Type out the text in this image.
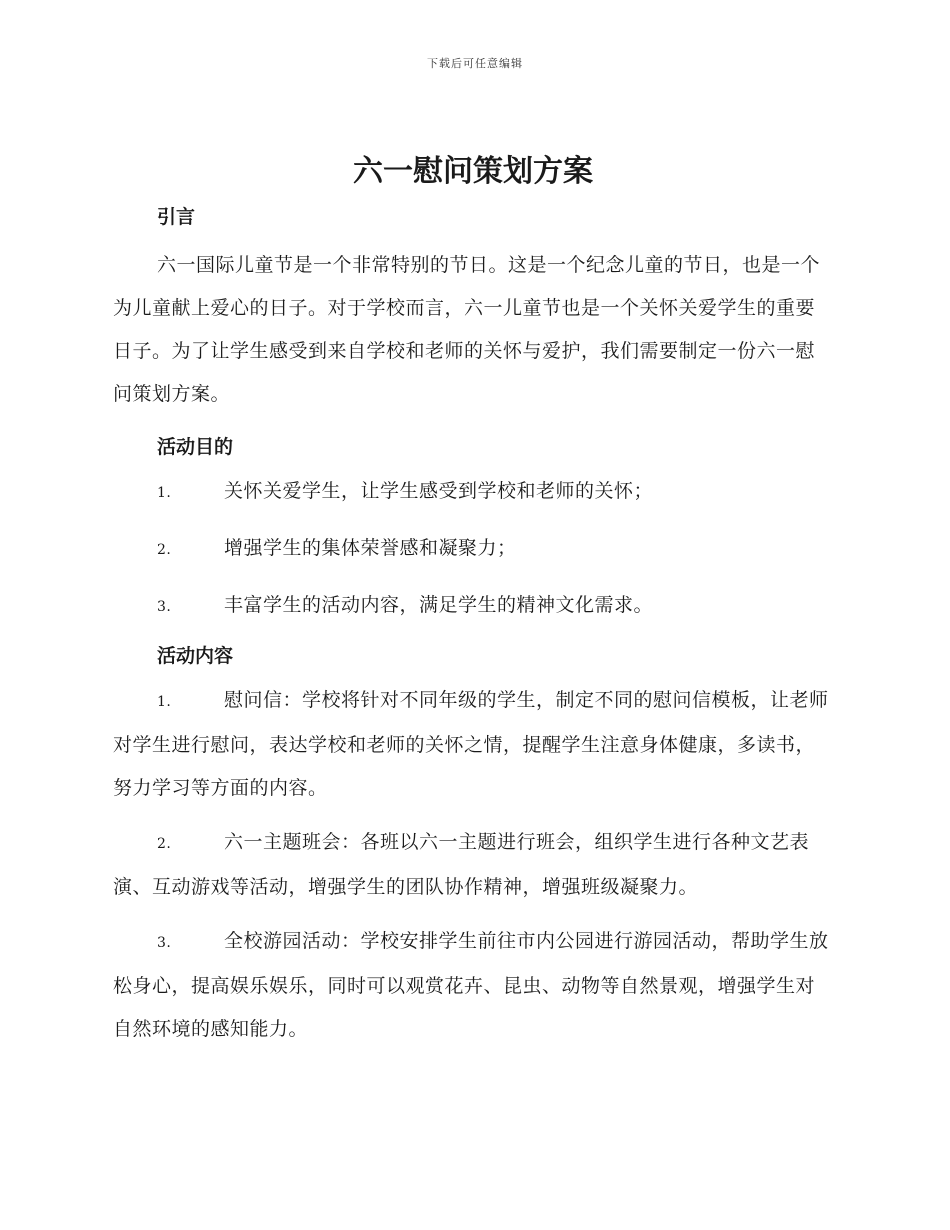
下载后可任意编辑
六一慰问策划方案
引言

六一国际儿童节是一个非常特别的节日。这是一个纪念儿童的节日，也是一个为儿童献上爱心的日子。对于学校而言，六一儿童节也是一个关怀关爱学生的重要日子。为了让学生感受到来自学校和老师的关怀与爱护，我们需要制定一份六一慰问策划方案。

活动目的

1.	关怀关爱学生，让学生感受到学校和老师的关怀；

2.	增强学生的集体荣誉感和凝聚力；

3.	丰富学生的活动内容，满足学生的精神文化需求。

活动内容

1.	慰问信：学校将针对不同年级的学生，制定不同的慰问信模板，让老师对学生进行慰问，表达学校和老师的关怀之情，提醒学生注意身体健康，多读书，努力学习等方面的内容。

2.	六一主题班会：各班以六一主题进行班会，组织学生进行各种文艺表演、互动游戏等活动，增强学生的团队协作精神，增强班级凝聚力。

3.	全校游园活动：学校安排学生前往市内公园进行游园活动，帮助学生放松身心，提高娱乐娱乐，同时可以观赏花卉、昆虫、动物等自然景观，增强学生对自然环境的感知能力。
